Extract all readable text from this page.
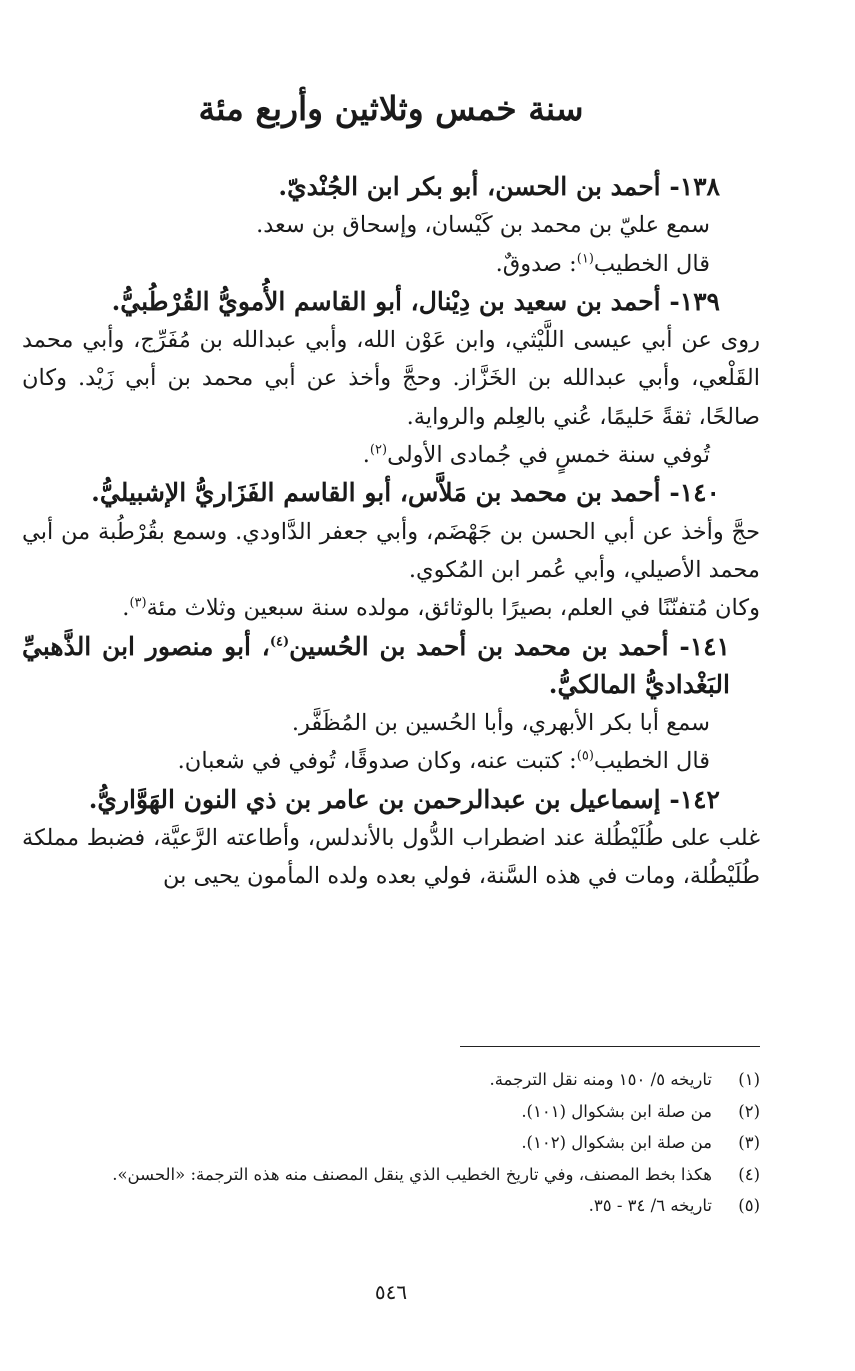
سنة خمس وثلاثين وأربع مئة

١٣٨- أحمد بن الحسن، أبو بكر ابن الجُنْديّ.

سمع عليّ بن محمد بن كَيْسان، وإسحاق بن سعد.

قال الخطيب$^{(١)}$: صدوقٌ.

١٣٩- أحمد بن سعيد بن دِيْنال، أبو القاسم الأُمويُّ القُرْطُبيُّ.

روى عن أبي عيسى اللَّيْثي، وابن عَوْن الله، وأبي عبدالله بن مُفَرِّج، وأبي محمد القَلْعي، وأبي عبدالله بن الخَزَّاز. وحجَّ وأخذ عن أبي محمد بن أبي زَيْد. وكان صالحًا، ثقةً حَليمًا، عُني بالعِلم والرواية.

تُوفي سنة خمسٍ في جُمادى الأولى$^{(٢)}$.

١٤٠- أحمد بن محمد بن مَلاَّس، أبو القاسم الفَزَاريُّ الإشبيليُّ.

حجَّ وأخذ عن أبي الحسن بن جَهْضَم، وأبي جعفر الدَّاودي. وسمع بقُرْطُبة من أبي محمد الأصيلي، وأبي عُمر ابن المُكوي.

وكان مُتفنّنًا في العلم، بصيرًا بالوثائق، مولده سنة سبعين وثلاث مئة$^{(٣)}$.

١٤١- أحمد بن محمد بن أحمد بن الحُسين$^{(٤)}$، أبو منصور ابن الذَّهبيِّ البَغْداديُّ المالكيُّ.

سمع أبا بكر الأبهري، وأبا الحُسين بن المُظَفَّر.

قال الخطيب$^{(٥)}$: كتبت عنه، وكان صدوقًا، تُوفي في شعبان.

١٤٢- إسماعيل بن عبدالرحمن بن عامر بن ذي النون الهَوَّاريُّ.

غلب على طُلَيْطُلة عند اضطراب الدُّول بالأندلس، وأطاعته الرَّعيَّة، فضبط مملكة طُلَيْطُلة، ومات في هذه السَّنة، فولي بعده ولده المأمون يحيى بن

٥٤٦

(١)
تاريخه ٥/ ١٥٠ ومنه نقل الترجمة.

(٢)
من صلة ابن بشكوال (١٠١).

(٣)
من صلة ابن بشكوال (١٠٢).

(٤)
هكذا بخط المصنف، وفي تاريخ الخطيب الذي ينقل المصنف منه هذه الترجمة: «الحسن».

(٥)
تاريخه ٦/ ٣٤ - ٣٥.
